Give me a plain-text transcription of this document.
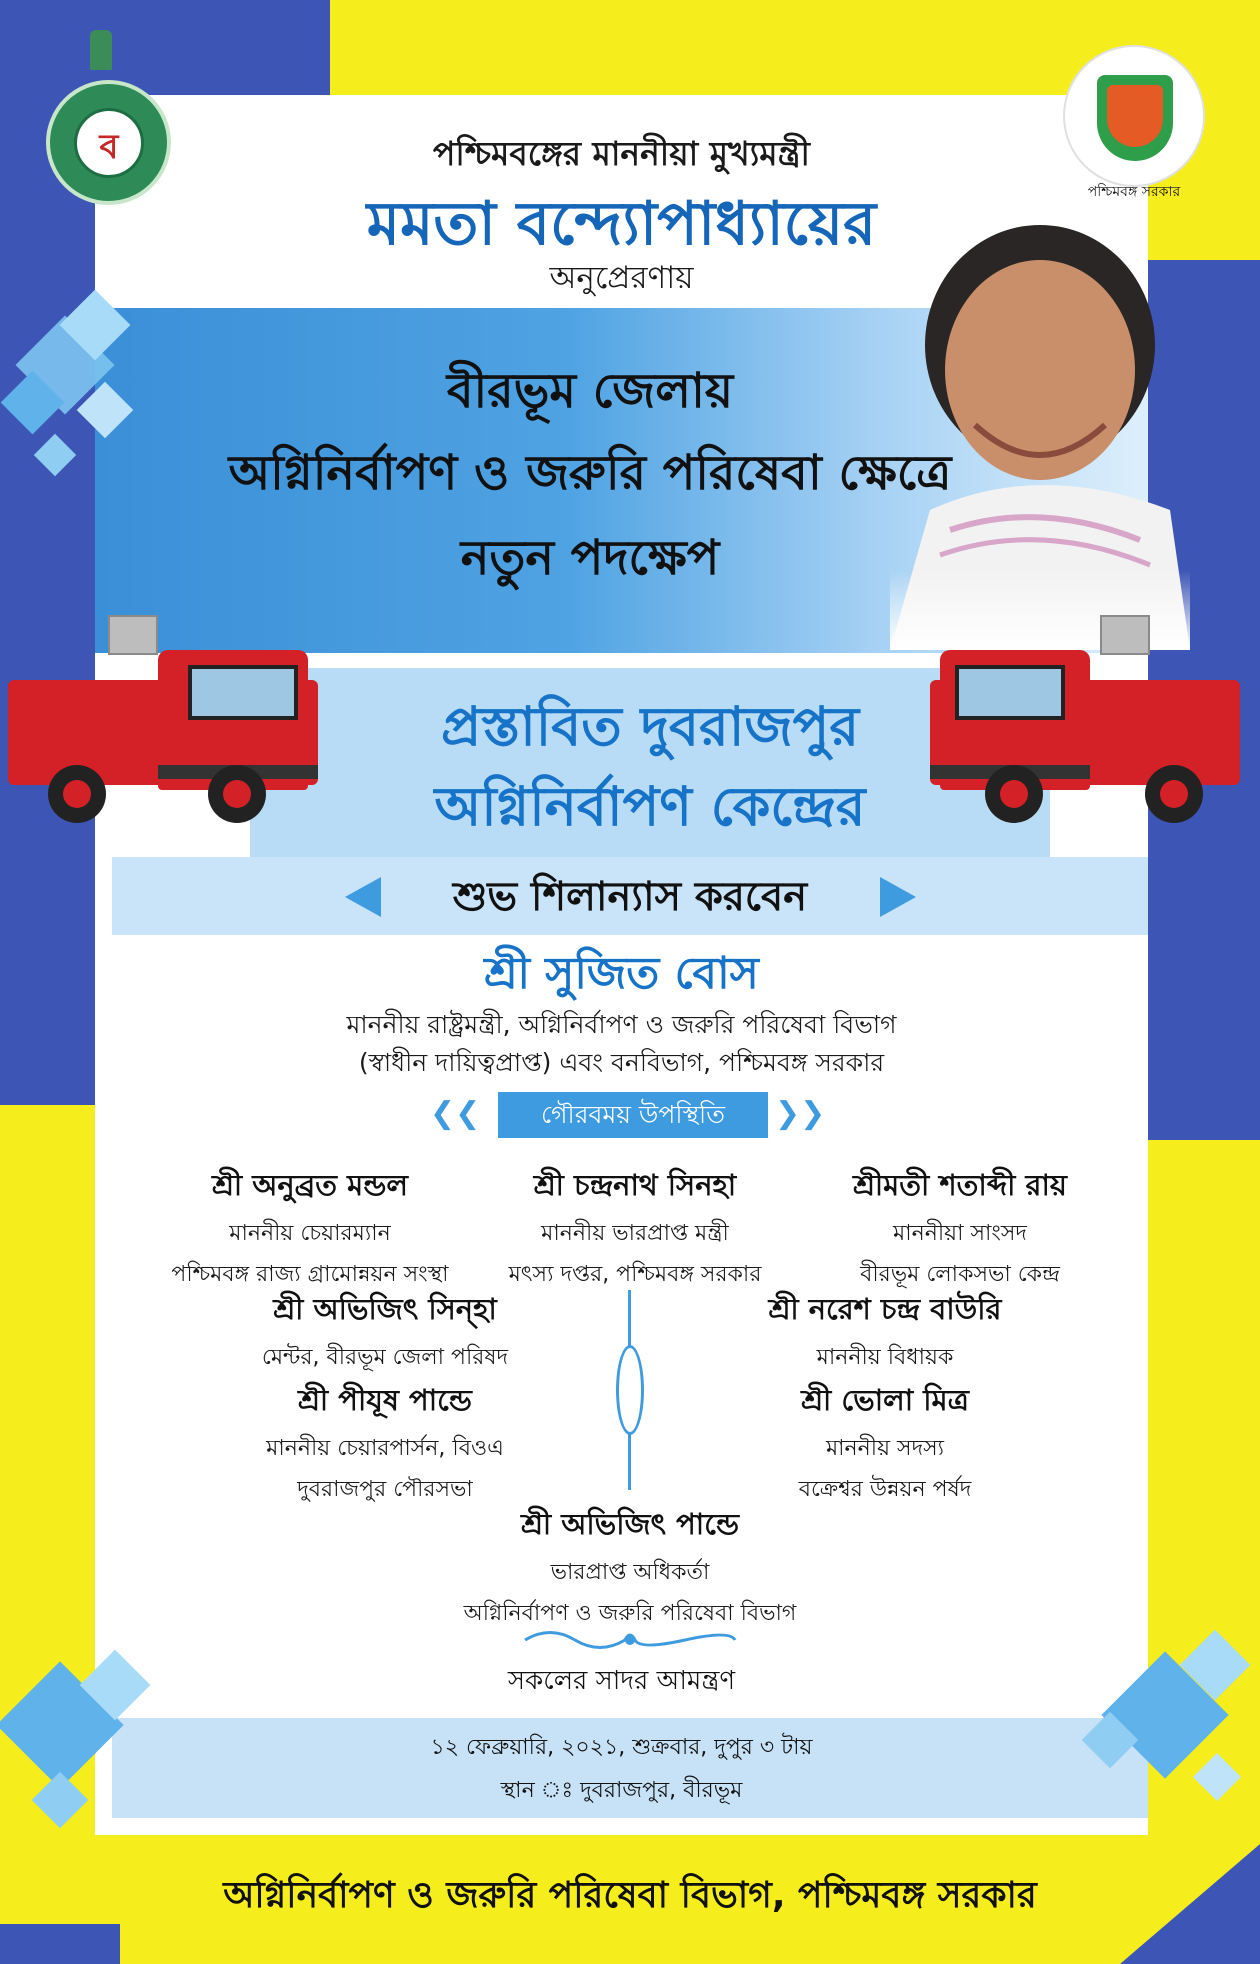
ব
পশ্চিমবঙ্গ সরকার

পশ্চিমবঙ্গের মাননীয়া মুখ্যমন্ত্রী

মমতা বন্দ্যোপাধ্যায়ের

অনুপ্রেরণায়

বীরভূম জেলায়

অগ্নিনির্বাপণ ও জরুরি পরিষেবা ক্ষেত্রে

নতুন পদক্ষেপ

প্রস্তাবিত দুবরাজপুর

অগ্নিনির্বাপণ কেন্দ্রের

শুভ শিলান্যাস করবেন

শ্রী সুজিত বোস

মাননীয় রাষ্ট্রমন্ত্রী, অগ্নিনির্বাপণ ও জরুরি পরিষেবা বিভাগ

(স্বাধীন দায়িত্বপ্রাপ্ত) এবং বনবিভাগ, পশ্চিমবঙ্গ সরকার

❮❮	❯❯
গৌরবময় উপস্থিতি
শ্রী অনুব্রত মন্ডল
মাননীয় চেয়ারম্যান
পশ্চিমবঙ্গ রাজ্য গ্রামোন্নয়ন সংস্থা
শ্রী চন্দ্রনাথ সিনহা
মাননীয় ভারপ্রাপ্ত মন্ত্রী
মৎস্য দপ্তর, পশ্চিমবঙ্গ সরকার
শ্রীমতী শতাব্দী রায়
মাননীয়া সাংসদ
বীরভূম লোকসভা কেন্দ্র
শ্রী অভিজিৎ সিন্হা
মেন্টর, বীরভূম জেলা পরিষদ
শ্রী নরেশ চন্দ্র বাউরি
মাননীয় বিধায়ক
শ্রী পীযূষ পান্ডে
মাননীয় চেয়ারপার্সন, বিওএ
দুবরাজপুর পৌরসভা
শ্রী ভোলা মিত্র
মাননীয় সদস্য
বক্রেশ্বর উন্নয়ন পর্ষদ
শ্রী অভিজিৎ পান্ডে
ভারপ্রাপ্ত অধিকর্তা
অগ্নিনির্বাপণ ও জরুরি পরিষেবা বিভাগ

সকলের সাদর আমন্ত্রণ

১২ ফেব্রুয়ারি, ২০২১, শুক্রবার, দুপুর ৩ টায়

স্থান ঃ দুবরাজপুর, বীরভূম

অগ্নিনির্বাপণ ও জরুরি পরিষেবা বিভাগ, পশ্চিমবঙ্গ সরকার
